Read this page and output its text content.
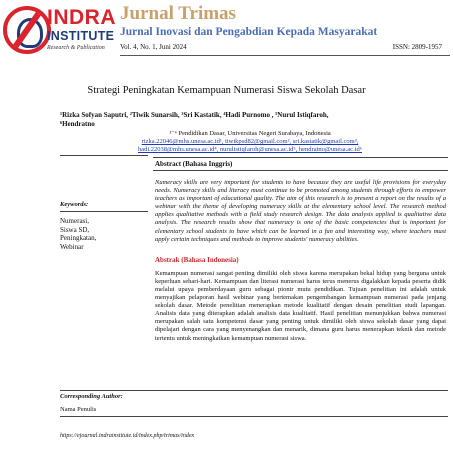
INDRA
INSTITUTE
Research & Publication
Jurnal Trimas
Jurnal Inovasi dan Pengabdian Kepada Masyarakat
Vol. 4, No. 1, Juni 2024	ISSN: 2809-1957
Strategi Peningkatan Kemampuan Numerasi Siswa Sekolah Dasar
¹Rizka Sofyan Saputri, ²Tiwik Sunarsih, ³Sri Kastatik, ⁴Hadi Purnomo , ⁵Nurul Istiqfaroh,
⁶Hendratno
¹⁻⁶ Pendidikan Dasar, Universitas Negeri Surabaya, Indonesia
rizka.22046@mhs.unesa.ac.id¹, tiwikpsd82@gmail.com², sri.kastatik@gmail.com³,
hadi.22038@mhs.unesa.ac.id⁴, nurulistiqfaroh@unesa.ac.id⁵, hendratno@unesa.ac.id⁶
Keywords:
Numerasi,
Siswa SD,
Peningkatan,
Webinar
Abstract (Bahasa Inggris)
Numeracy skills are very important for students to have because they are useful life provisions for everyday needs. Numeracy skills and literacy must continue to be promoted among students through efforts to empower teachers as important of educational quality. The aim of this research is to present a report on the results of a webinar with the theme of developing numeracy skills at the elementary school level. The research method applies qualitative methods with a field study research design. The data analysis applied is qualitative data analysis. The research results show that numeracy is one of the basic competencies that is important for elementary school students to have which can be learned in a fun and interesting way, where teachers must apply certain techniques and methods to improve students' numeracy abilities.
Abstrak (Bahasa Indonesia)
Kemampuan numerasi sangat penting dimiliki oleh siswa karena merupakan bekal hidup yang berguna untuk keperluan sehari-hari. Kemampuan dan literasi numerasi harus terus menerus digalakkan kepada peserta didik melalui upaya pemberdayaan guru sebagai pionir mutu pendidikan. Tujuan penelitian ini adalah untuk menyajikan pelaporan hasil webinar yang bertemakan pengembangan kemampuan numerasi pada jenjang sekolah dasar. Metode penelitian menerapkan metode kualitatif dengan desain penelitian studi lapangan. Analisis data yang diterapkan adalah analisis data kualitatif. Hasil penelitian menunjukkan bahwa numerasi merupakan salah satu kompetensi dasar yang penting untuk dimiliki oleh siswa sekolah dasar yang dapat dipelajari dengan cara yang menyenangkan dan menarik, dimana guru harus menerapkan teknik dan metode tertentu untuk meningkatkan kemampuan numerasi siswa.
Corresponding Author:
Nama Penulis
https://ejournal.indrainstitute.id/index.php/trimas/index
